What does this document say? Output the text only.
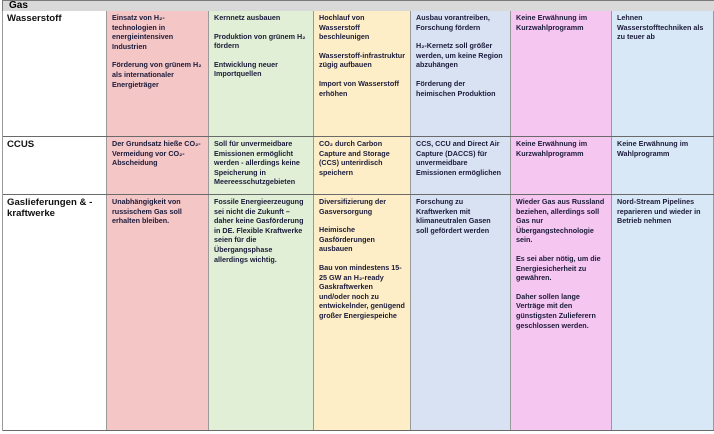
Gas
Wasserstoff	Einsatz von H₂-technologien in energieintensiven Industrien
Förderung von grünem H₂ als internationaler Energieträger
Kernnetz ausbauen
Produktion von grünem H₂ fördern
Entwicklung neuer Importquellen
Hochlauf von Wasserstoff beschleunigen
Wasserstoff-infrastruktur zügig aufbauen
Import von Wasserstoff erhöhen
Ausbau vorantreiben, Forschung fördern
H₂-Kernetz soll größer werden, um keine Region abzuhängen
Förderung der heimischen Produktion
Keine Erwähnung im Kurzwahlprogramm
Lehnen Wasserstofftechniken als zu teuer ab
CCUS	Der Grundsatz hieße CO₂-Vermeidung vor CO₂-Abscheidung
Soll für unvermeidbare Emissionen ermöglicht werden - allerdings keine Speicherung in Meereesschutzgebieten
CO₂ durch Carbon Capture and Storage (CCS) unterirdisch speichern
CCS, CCU and Direct Air Capture (DACCS) für unvermeidbare Emissionen ermöglichen
Keine Erwähnung im Kurzwahlprogramm
Keine Erwähnung im Wahlprogramm
Gaslieferungen & -kraftwerke
Unabhängigkeit von russischem Gas soll erhalten bleiben.
Fossile Energieerzeugung sei nicht die Zukunft – daher keine Gasförderung in DE. Flexible Kraftwerke seien für die Übergangsphase allerdings wichtig.
Diversifizierung der Gasversorgung
Heimische Gasförderungen ausbauen
Bau von mindestens 15-25 GW an H₂-ready Gaskraftwerken und/oder noch zu entwickelnder, genügend großer Energiespeiche
Forschung zu Kraftwerken mit klimaneutralen Gasen soll gefördert werden
Wieder Gas aus Russland beziehen, allerdings soll Gas nur Übergangstechnologie sein.
Es sei aber nötig, um die Energiesicherheit zu gewähren.
Daher sollen lange Verträge mit den günstigsten Zulieferern geschlossen werden.
Nord-Stream Pipelines reparieren und wieder in Betrieb nehmen
